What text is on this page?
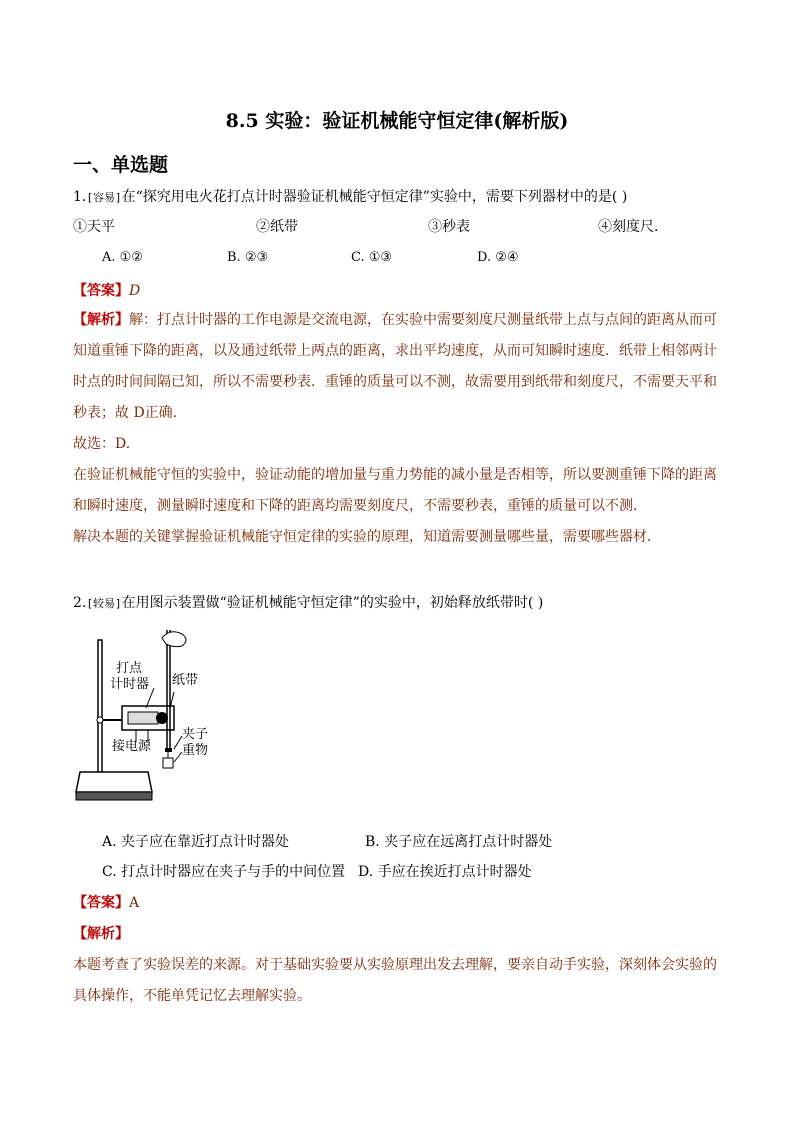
8.5 实验：验证机械能守恒定律(解析版)
一、单选题
1.[容易]在“探究用电火花打点计时器验证机械能守恒定律”实验中，需要下列器材中的是( )
①天平	②纸带	③秒表	④刻度尺.
A. ①②	B. ②③	C. ①③	D. ②④
【答案】D
【解析】解：打点计时器的工作电源是交流电源，在实验中需要刻度尺测量纸带上点与点间的距离从而可
知道重锤下降的距离，以及通过纸带上两点的距离，求出平均速度，从而可知瞬时速度．纸带上相邻两计
时点的时间间隔已知，所以不需要秒表．重锤的质量可以不测，故需要用到纸带和刻度尺，不需要天平和
秒表；故 D正确．
故选：D.
在验证机械能守恒的实验中，验证动能的增加量与重力势能的减小量是否相等，所以要测重锤下降的距离
和瞬时速度，测量瞬时速度和下降的距离均需要刻度尺，不需要秒表，重锤的质量可以不测．
解决本题的关键掌握验证机械能守恒定律的实验的原理，知道需要测量哪些量，需要哪些器材．
2.[较易]在用图示装置做“验证机械能守恒定律”的实验中，初始释放纸带时( )
打点
计时器 纸带
夹子
接电源 重物
A. 夹子应在靠近打点计时器处	B. 夹子应在远离打点计时器处
C. 打点计时器应在夹子与手的中间位置 D. 手应在挨近打点计时器处
【答案】A
【解析】
本题考查了实验误差的来源。对于基础实验要从实验原理出发去理解，要亲自动手实验，深刻体会实验的
具体操作，不能单凭记忆去理解实验。
